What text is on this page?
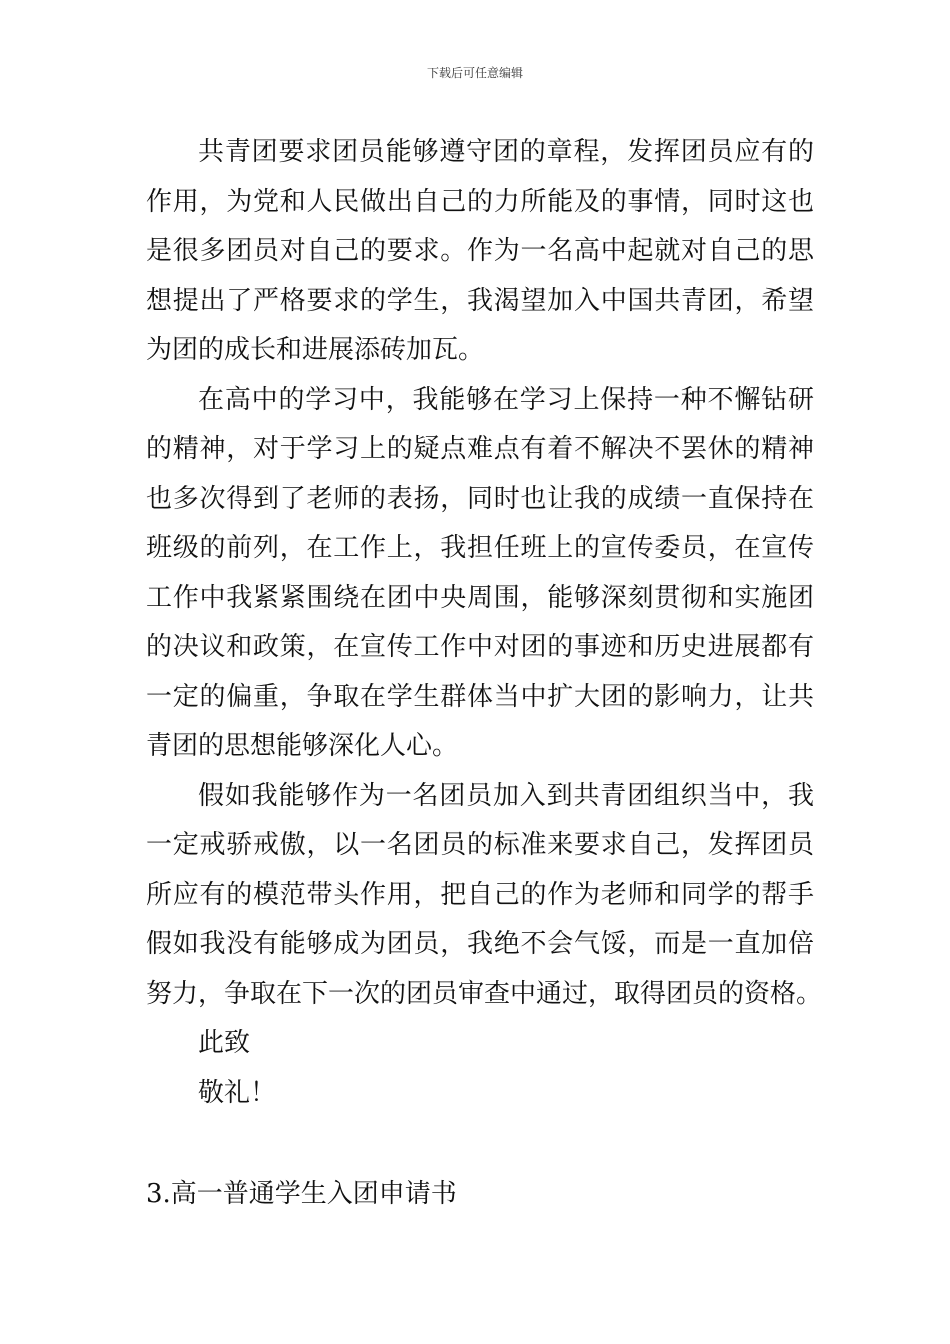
下载后可任意编辑
共青团要求团员能够遵守团的章程，发挥团员应有的
作用，为党和人民做出自己的力所能及的事情，同时这也
是很多团员对自己的要求。作为一名高中起就对自己的思
想提出了严格要求的学生，我渴望加入中国共青团，希望
为团的成长和进展添砖加瓦。
在高中的学习中，我能够在学习上保持一种不懈钻研
的精神，对于学习上的疑点难点有着不解决不罢休的精神
也多次得到了老师的表扬，同时也让我的成绩一直保持在
班级的前列，在工作上，我担任班上的宣传委员，在宣传
工作中我紧紧围绕在团中央周围，能够深刻贯彻和实施团
的决议和政策，在宣传工作中对团的事迹和历史进展都有
一定的偏重，争取在学生群体当中扩大团的影响力，让共
青团的思想能够深化人心。
假如我能够作为一名团员加入到共青团组织当中，我
一定戒骄戒傲，以一名团员的标准来要求自己，发挥团员
所应有的模范带头作用，把自己的作为老师和同学的帮手
假如我没有能够成为团员，我绝不会气馁，而是一直加倍
努力，争取在下一次的团员审查中通过，取得团员的资格。

此致

敬礼！

3.高一普通学生入团申请书
